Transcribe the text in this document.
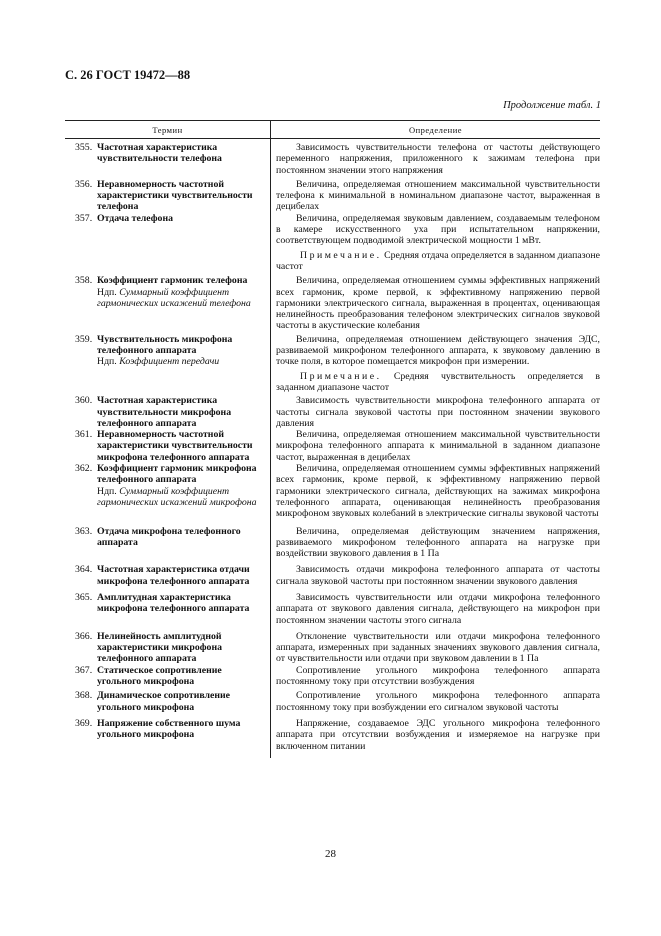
С. 26 ГОСТ 19472—88
Продолжение табл. 1
Термин	Определение
355. Частотная характеристика чувствительности телефона

Зависимость чувствительности телефона от частоты действующего переменного напряжения, приложенного к зажимам телефона при постоянном значении этого напряжения

356. Неравномерность частотной характеристики чувствительности телефона

Величина, определяемая отношением максимальной чувствительности телефона к минимальной в номинальном диапазоне частот, выраженная в децибелах

357. Отдача телефона	Величина, определяемая звуковым давлением, создаваемым телефоном в камере искусственного уха при испытательном напряжении, соответствующем подводимой электрической мощности 1 мВт.

Примечание. Средняя отдача определяется в заданном диапазоне частот

358. Коэффициент гармоник телефона
Ндп. Суммарный коэффициент гармонических искажений телефона

Величина, определяемая отношением суммы эффективных напряжений всех гармоник, кроме первой, к эффективному напряжению первой гармоники электрического сигнала, выраженная в процентах, оценивающая нелинейность преобразования телефоном электрических сигналов звуковой частоты в акустические колебания

359. Чувствительность микрофона телефонного аппарата
Ндп. Коэффициент передачи

Величина, определяемая отношением действующего значения ЭДС, развиваемой микрофоном телефонного аппарата, к звуковому давлению в точке поля, в которое помещается микрофон при измерении.

Примечание. Средняя чувствительность определяется в заданном диапазоне частот

360. Частотная характеристика чувствительности микрофона телефонного аппарата

Зависимость чувствительности микрофона телефонного аппарата от частоты сигнала звуковой частоты при постоянном значении звукового давления

361. Неравномерность частотной характеристики чувствительности микрофона телефонного аппарата

Величина, определяемая отношением максимальной чувствительности микрофона телефонного аппарата к минимальной в заданном диапазоне частот, выраженная в децибелах

362. Коэффициент гармоник микрофона телефонного аппарата
Ндп. Суммарный коэффициент гармонических искажений микрофона

Величина, определяемая отношением суммы эффективных напряжений всех гармоник, кроме первой, к эффективному напряжению первой гармоники электрического сигнала, действующих на зажимах микрофона телефонного аппарата, оценивающая нелинейность преобразования микрофоном звуковых колебаний в электрические сигналы звуковой частоты

363. Отдача микрофона телефонного аппарата

Величина, определяемая действующим значением напряжения, развиваемого микрофоном телефонного аппарата на нагрузке при воздействии звукового давления в 1 Па

364. Частотная характеристика отдачи микрофона телефонного аппарата

Зависимость отдачи микрофона телефонного аппарата от частоты сигнала звуковой частоты при постоянном значении звукового давления

365. Амплитудная характеристика микрофона телефонного аппарата

Зависимость чувствительности или отдачи микрофона телефонного аппарата от звукового давления сигнала, действующего на микрофон при постоянном значении частоты этого сигнала

366. Нелинейность амплитудной характеристики микрофона телефонного аппарата

Отклонение чувствительности или отдачи микрофона телефонного аппарата, измеренных при заданных значениях звукового давления сигнала, от чувствительности или отдачи при звуковом давлении в 1 Па

367. Статическое сопротивление угольного микрофона

Сопротивление угольного микрофона телефонного аппарата постоянному току при отсутствии возбуждения

368. Динамическое сопротивление угольного микрофона

Сопротивление угольного микрофона телефонного аппарата постоянному току при возбуждении его сигналом звуковой частоты

369. Напряжение собственного шума угольного микрофона

Напряжение, создаваемое ЭДС угольного микрофона телефонного аппарата при отсутствии возбуждения и измеряемое на нагрузке при включенном питании

28
